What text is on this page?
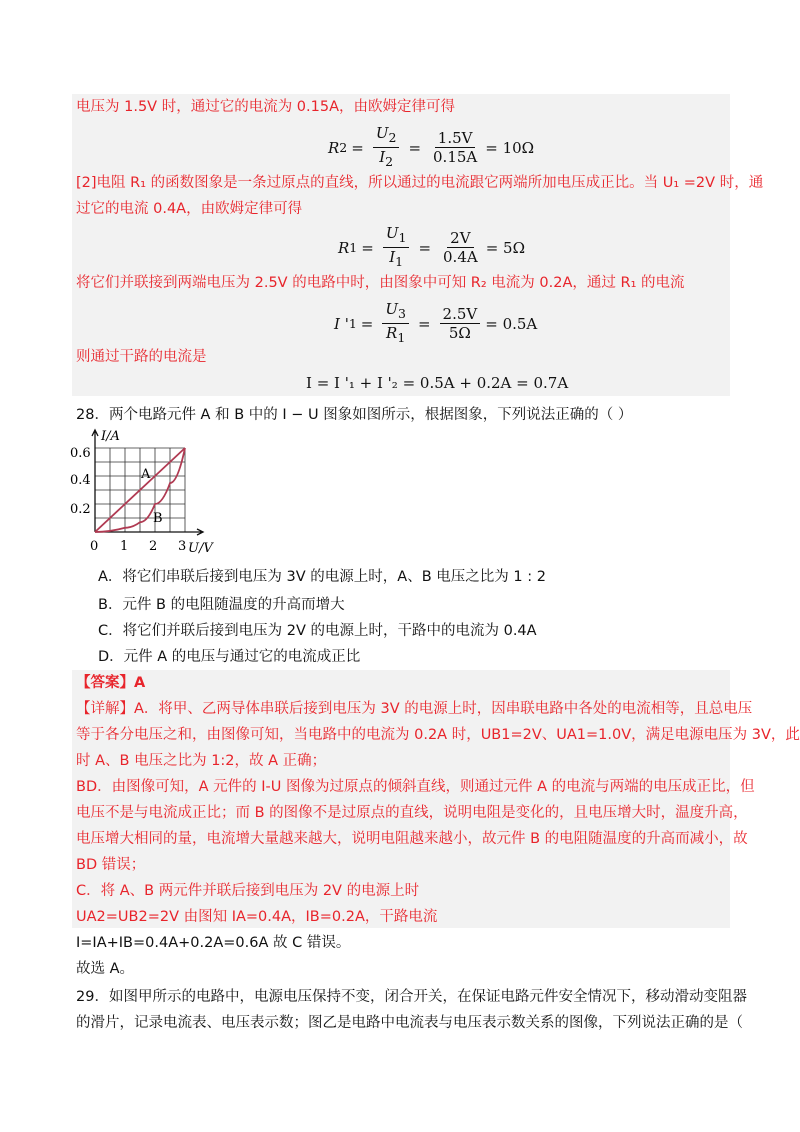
电压为 1.5V 时，通过它的电流为 0.15A，由欧姆定律可得
R $2 = \frac{U_2}{I_2} = \frac{1.5V}{0.15A} = 10\Omega$
[2]电阻 R₁ 的函数图象是一条过原点的直线，所以通过的电流跟它两端所加电压成正比。当 U₁ =2V 时，通
过它的电流 0.4A，由欧姆定律可得
R $1 = \frac{U_1}{I_1} = \frac{2V}{0.4A} = 5\Omega$
将它们并联接到两端电压为 2.5V 的电路中时，由图象中可知 R₂ 电流为 0.2A，通过 R₁ 的电流
I ' $1 = \frac{U_3}{R_1} = \frac{2.5V}{5\Omega} = 0.5A$
则通过干路的电流是
I = I '₁ + I '₂ = 0.5A + 0.2A = 0.7A
28．两个电路元件 A 和 B 中的 I − U 图象如图所示，根据图象，下列说法正确的（ ）
I/A
U/V
0.6
0.4
0.2
0 1 2 3
A
B
A．将它们串联后接到电压为 3V 的电源上时，A、B 电压之比为 1 : 2
B．元件 B 的电阻随温度的升高而增大
C．将它们并联后接到电压为 2V 的电源上时，干路中的电流为 0.4A
D．元件 A 的电压与通过它的电流成正比
【答案】A
【详解】A．将甲、乙两导体串联后接到电压为 3V 的电源上时，因串联电路中各处的电流相等，且总电压
等于各分电压之和，由图像可知，当电路中的电流为 0.2A 时，UB1=2V、UA1=1.0V，满足电源电压为 3V，此
时 A、B 电压之比为 1:2，故 A 正确；
BD．由图像可知，A 元件的 I-U 图像为过原点的倾斜直线，则通过元件 A 的电流与两端的电压成正比，但
电压不是与电流成正比；而 B 的图像不是过原点的直线，说明电阻是变化的，且电压增大时，温度升高，
电压增大相同的量，电流增大量越来越大，说明电阻越来越小，故元件 B 的电阻随温度的升高而减小，故
BD 错误；
C．将 A、B 两元件并联后接到电压为 2V 的电源上时
UA2=UB2=2V 由图知 IA=0.4A，IB=0.2A，干路电流
I=IA+IB=0.4A+0.2A=0.6A 故 C 错误。
故选 A。
29．如图甲所示的电路中，电源电压保持不变，闭合开关，在保证电路元件安全情况下，移动滑动变阻器
的滑片，记录电流表、电压表示数；图乙是电路中电流表与电压表示数关系的图像，下列说法正确的是（
